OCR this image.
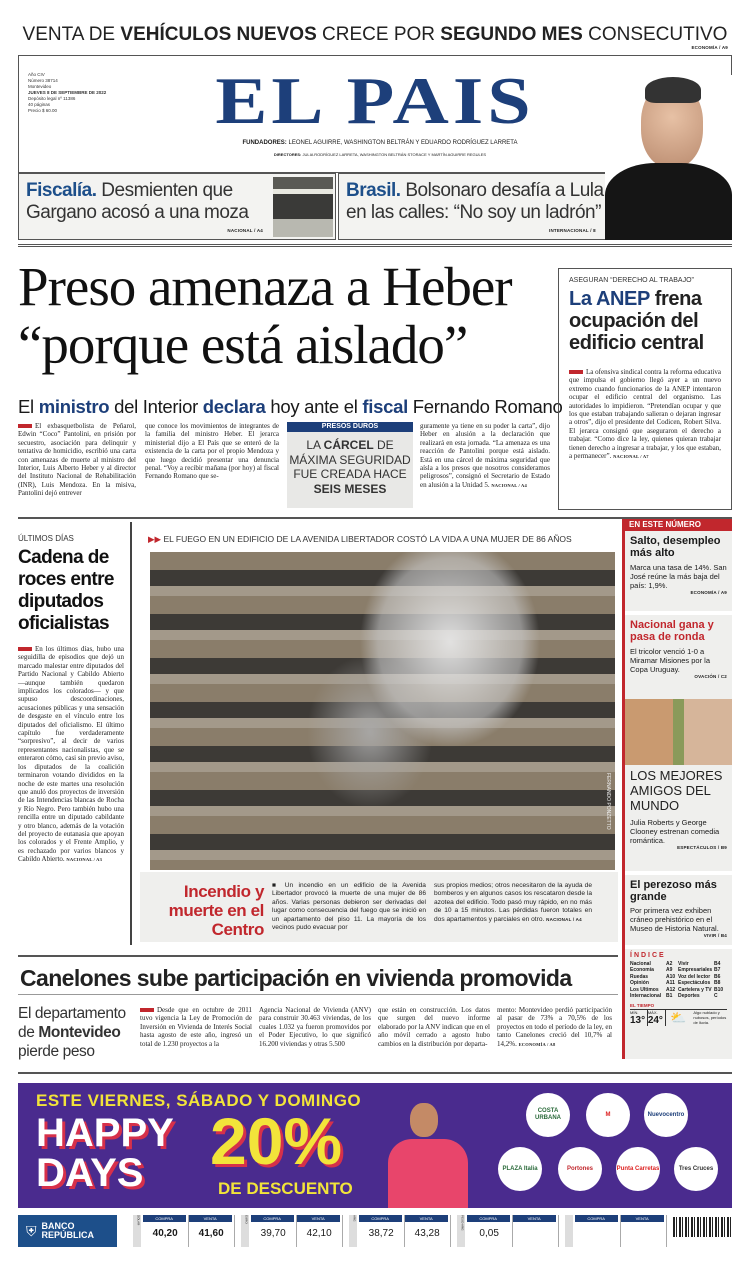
VENTA DE VEHÍCULOS NUEVOS CRECE POR SEGUNDO MES CONSECUTIVO
ECONOMÍA / A9
Año CIV
Número 38714
Montevideo
JUEVES 8 DE SEPTIEMBRE DE 2022
Depósito legal nº 11386
40 páginas
Precio $ 60.00	EL PAIS
FUNDADORES: LEONEL AGUIRRE, WASHINGTON BELTRÁN Y EDUARDO RODRÍGUEZ LARRETA
DIRECTORES: JULIA RODRÍGUEZ LARRETA, WASHINGTON BELTRÁN STORACE Y MARTÍN AGUIRRE REGULES
Fiscalía. Desmienten que Gargano acosó a una moza
NACIONAL / A4
Brasil. Bolsonaro desafía a Lula en las calles: “No soy un ladrón”
INTERNACIONAL / 8
Preso amenaza a Heber
“porque está aislado”
El ministro del Interior declara hoy ante el fiscal Fernando Romano
El exbasquetbolista de Peñarol, Edwin “Coco” Pantolini, en prisión por secuestro, asociación para delinquir y tentativa de homicidio, escribió una carta con amenazas de muerte al ministro del Interior, Luis Alberto Heber y al director del Instituto Nacional de Rehabilitación (INR), Luis Mendoza. En la misiva, Pantolini dejó entrever
que conoce los movimientos de integrantes de la familia del ministro Heber. El jerarca ministerial dijo a El País que se enteró de la existencia de la carta por el propio Mendoza y que luego decidió presentar una denuncia penal. “Voy a recibir mañana (por hoy) al fiscal Fernando Romano que se-
PRESOS DUROS
LA CÁRCEL DE
MÁXIMA SEGURIDAD
FUE CREADA HACE
SEIS MESES
guramente ya tiene en su poder la carta”, dijo Heber en alusión a la declaración que realizará en esta jornada. “La amenaza es una reacción de Pantolini porque está aislado. Está en una cárcel de máxima seguridad que aísla a los presos que nosotros consideramos peligrosos”, consignó el Secretario de Estado en alusión a la Unidad 5. NACIONAL / A4
ASEGURAN “DERECHO AL TRABAJO”
La ANEP frena ocupación del edificio central
La ofensiva sindical contra la reforma educativa que impulsa el gobierno llegó ayer a un nuevo extremo cuando funcionarios de la ANEP intentaron ocupar el edificio central del organismo. Las autoridades lo impidieron. “Pretendían ocupar y que los que estaban trabajando salieran o dejaran ingresar a otros”, dijo el presidente del Codicen, Robert Silva. El jerarca consignó que aseguraron el derecho a trabajar. “Como dice la ley, quienes quieran trabajar tienen derecho a ingresar a trabajar, y los que estaban, a permanecer”. NACIONAL / A7
ÚLTIMOS DÍAS
Cadena de roces entre diputados oficialistas
En los últimos días, hubo una seguidilla de episodios que dejó un marcado malestar entre diputados del Partido Nacional y Cabildo Abierto —aunque también quedaron implicados los colorados— y que supuso descoordinaciones, acusaciones públicas y una sensación de desgaste en el vínculo entre los diputados del oficialismo. El último capítulo fue verdaderamente “sorpresivo”, al decir de varios representantes nacionalistas, que se enteraron cómo, casi sin previo aviso, los diputados de la coalición terminaron votando divididos en la noche de este martes una resolución que anuló dos proyectos de inversión de las Intendencias blancas de Rocha y Río Negro. Pero también hubo una rencilla entre un diputado cabildante y otro blanco, además de la votación del proyecto de eutanasia que apoyan los colorados y el Frente Amplio, y es rechazado por varios blancos y Cabildo Abierto. NACIONAL / A3
▶▶ EL FUEGO EN UN EDIFICIO DE LA AVENIDA LIBERTADOR COSTÓ LA VIDA A UNA MUJER DE 86 AÑOS
FERNANDO PONZETTO
Incendio y muerte en el Centro
■ Un incendio en un edificio de la Avenida Libertador provocó la muerte de una mujer de 86 años. Varias personas debieron ser derivadas del lugar como consecuencia del fuego que se inició en un apartamento del piso 11. La mayoría de los vecinos pudo evacuar por
sus propios medios; otros necesitaron de la ayuda de bomberos y en algunos casos los rescataron desde la azotea del edificio. Todo pasó muy rápido, en no más de 10 a 15 minutos. Las pérdidas fueron totales en dos apartamentos y parciales en otro. NACIONAL / A4
EN ESTE NÚMERO
Salto, desempleo más alto
Marca una tasa de 14%. San José reúne la más baja del país: 1,9%.
ECONOMÍA / A9
Nacional gana y pasa de ronda
El tricolor venció 1-0 a Miramar Misiones por la Copa Uruguay.
OVACIÓN / C2
LOS MEJORES AMIGOS DEL MUNDO
Julia Roberts y George Clooney estrenan comedia romántica.
ESPECTÁCULOS / B9
El perezoso más grande
Por primera vez exhiben cráneo prehistórico en el Museo de Historia Natural.
VIVIR / B4
ÍNDICE
Nacional	A2	Vivir	B4
Economía	A9	Empresariales B7
Ruedas	A10 Voz del lector B6
Opinión	A11 Espectáculos B8
Los Ultimos	A12 Cartelera y TV B10
Internacional B1	Deportes	C
EL TIEMPO
MÍN.
13°
MÁX.
24° ⛅	Algo nublado y nubosos, períodos de lluvia.
Canelones sube participación en vivienda promovida
El departamento de Montevideo pierde peso
Desde que en octubre de 2011 tuvo vigencia la Ley de Promoción de Inversión en Vivienda de Interés Social hasta agosto de este año, ingresó un total de 1.230 proyectos a la
Agencia Nacional de Vivienda (ANV) para construir 30.463 viviendas, de los cuales 1.032 ya fueron promovidos por el Poder Ejecutivo, lo que significó 16.200 viviendas y otras 5.500
que están en construcción. Los datos que surgen del nuevo informe elaborado por la ANV indican que en el año móvil cerrado a agosto hubo cambios en la distribución por departa-
mento: Montevideo perdió participación al pasar de 73% a 70,5% de los proyectos en todo el período de la ley, en tanto Canelones creció del 10,7% al 14,2%. ECONOMÍA / A8
ESTE VIERNES, SÁBADO Y DOMINGO
HAPPY
DAYS	20%
DE DESCUENTO
COSTA URBANA
M	Nuevocentro
PLAZA Italia	Portones	Punta Carretas	Tres Cruces
⛨ BANCO REPÚBLICA
DÓLAR	COMPRA
40,20
VENTA
41,60
EURO	COMPRA
39,70
VENTA
42,10
ARG	COMPRA
38,72
VENTA
43,28
PESO ARG	COMPRA
0,05
VENTA	COMPRA	VENTA
